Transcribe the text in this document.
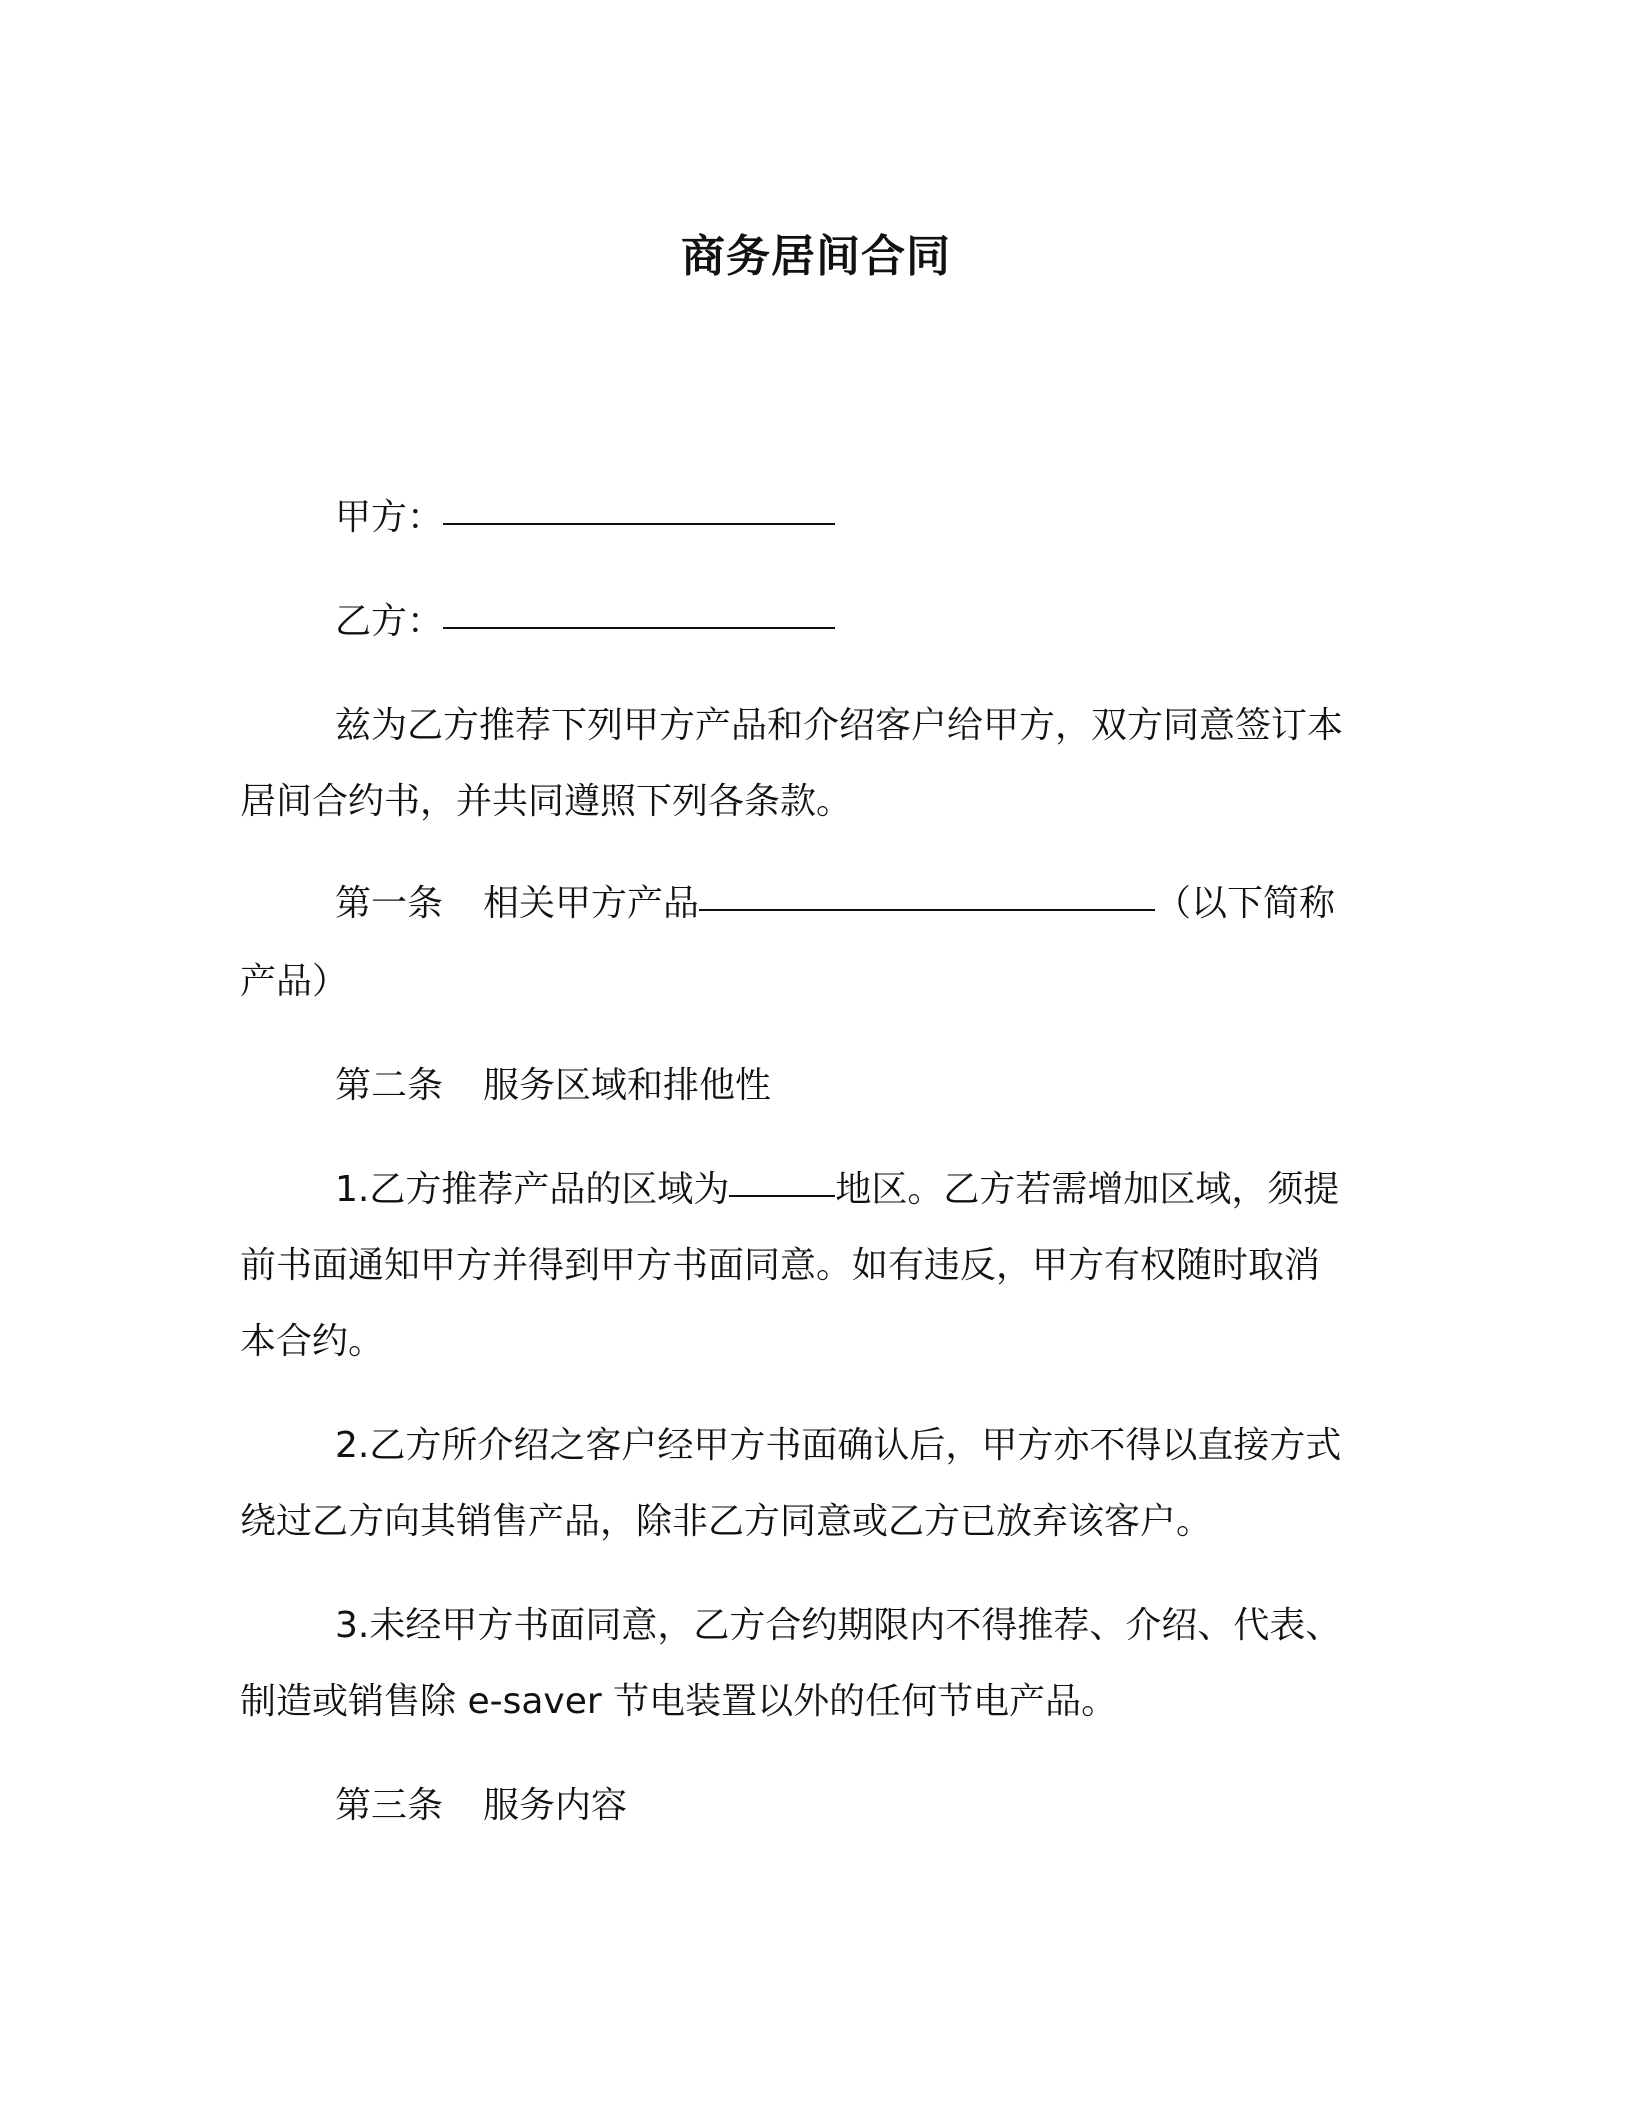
商务居间合同
甲方：
乙方：
兹为乙方推荐下列甲方产品和介绍客户给甲方，双方同意签订本
居间合约书，并共同遵照下列各条款。
第一条 相关甲方产品	（以下简称
产品）
第二条 服务区域和排他性
1.乙方推荐产品的区域为	地区。乙方若需增加区域，须提
前书面通知甲方并得到甲方书面同意。如有违反，甲方有权随时取消
本合约。
2.乙方所介绍之客户经甲方书面确认后，甲方亦不得以直接方式
绕过乙方向其销售产品，除非乙方同意或乙方已放弃该客户。
3.未经甲方书面同意，乙方合约期限内不得推荐、介绍、代表、
制造或销售除 e-saver 节电装置以外的任何节电产品。
第三条 服务内容
